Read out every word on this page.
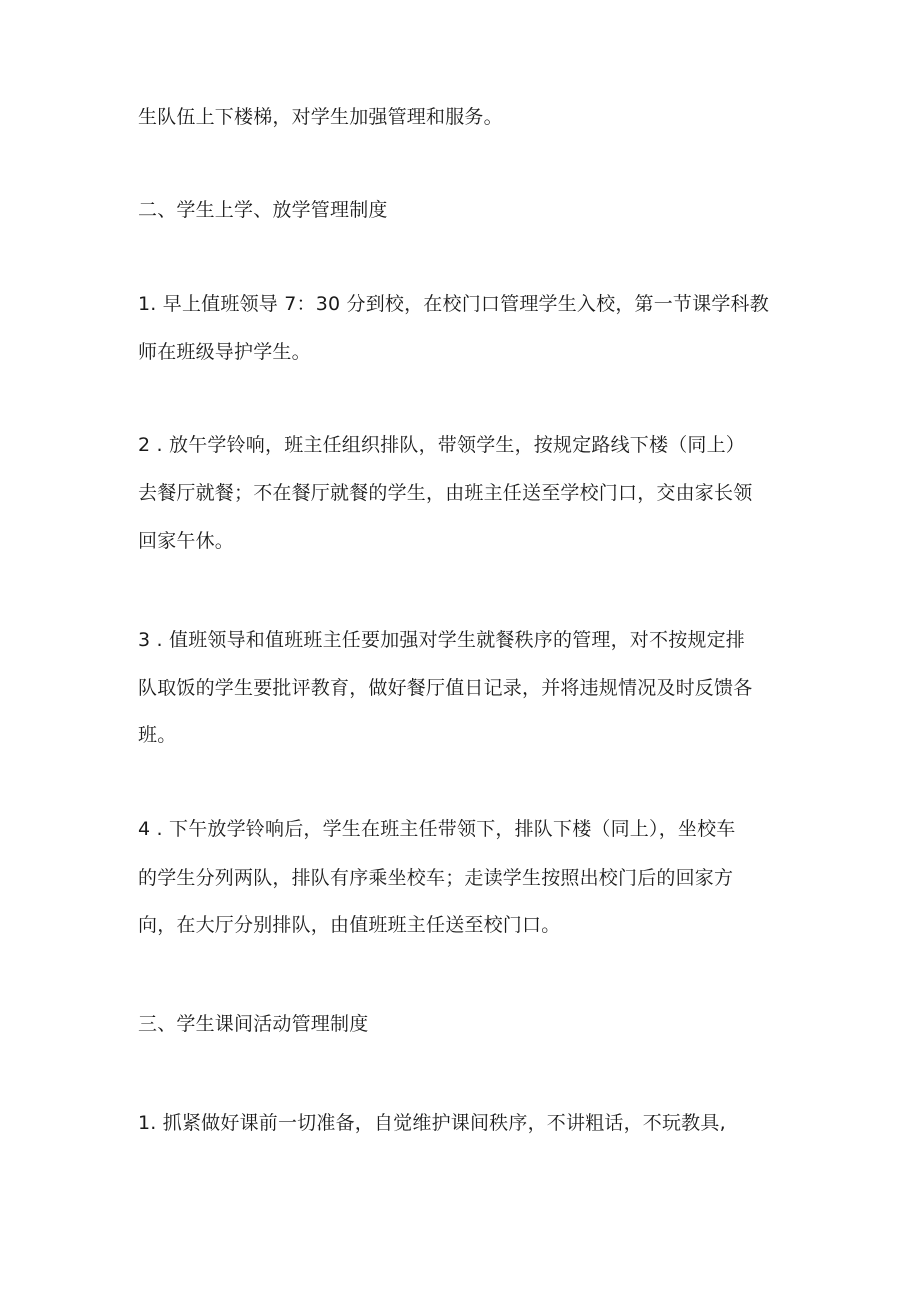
生队伍上下楼梯，对学生加强管理和服务。
二、学生上学、放学管理制度
1. 早上值班领导 7：30 分到校，在校门口管理学生入校，第一节课学科教
师在班级导护学生。
2 . 放午学铃响，班主任组织排队，带领学生，按规定路线下楼（同上）
去餐厅就餐；不在餐厅就餐的学生，由班主任送至学校门口，交由家长领
回家午休。
3 . 值班领导和值班班主任要加强对学生就餐秩序的管理，对不按规定排
队取饭的学生要批评教育，做好餐厅值日记录，并将违规情况及时反馈各
班。
4 . 下午放学铃响后，学生在班主任带领下，排队下楼（同上），坐校车
的学生分列两队，排队有序乘坐校车；走读学生按照出校门后的回家方
向，在大厅分别排队，由值班班主任送至校门口。
三、学生课间活动管理制度
1. 抓紧做好课前一切准备，自觉维护课间秩序，不讲粗话，不玩教具,
